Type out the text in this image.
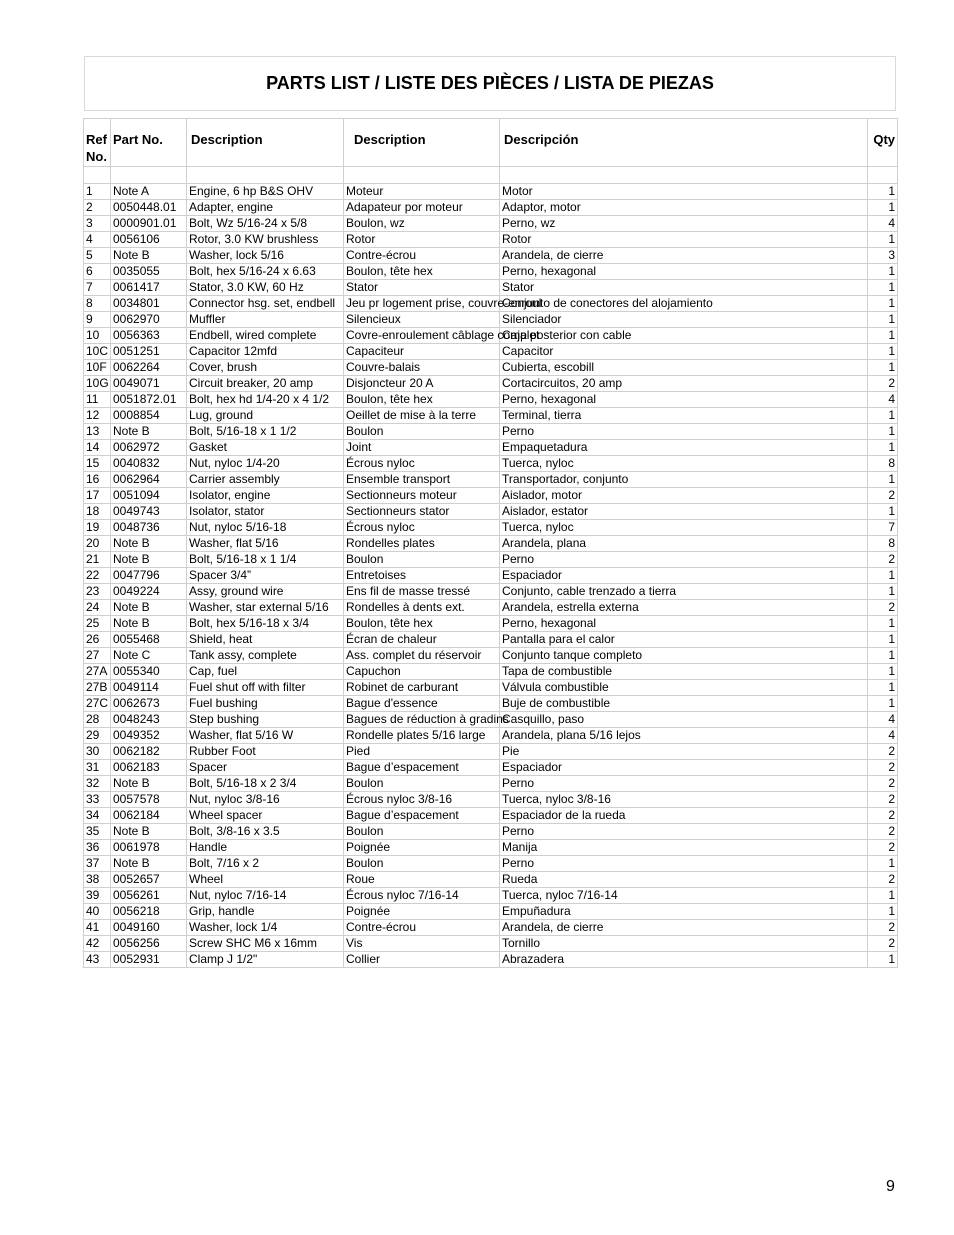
PARTS LIST / LISTE DES PIÈCES / LISTA DE PIEZAS
Ref No.	Part No.	Description	Description	Descripción	Qty

1	Note A	Engine, 6 hp B&S OHV	Moteur	Motor	1
2	0050448.01	Adapter, engine	Adapateur por moteur	Adaptor, motor	1
3	0000901.01	Bolt, Wz 5/16-24 x 5/8	Boulon, wz	Perno, wz	4
4	0056106	Rotor, 3.0 KW brushless	Rotor	Rotor	1
5	Note B	Washer, lock 5/16	Contre-écrou	Arandela, de cierre	3
6	0035055	Bolt, hex 5/16-24 x 6.63	Boulon, tête hex	Perno, hexagonal	1
7	0061417	Stator, 3.0 KW, 60 Hz	Stator	Stator	1
8	0034801	Connector hsg. set, endbell	Jeu pr logement prise, couvre-enroul	Conjunto de conectores del alojamiento	1
9	0062970	Muffler	Silencieux	Silenciador	1
10	0056363	Endbell, wired complete	Covre-enroulement câblage complet	Caja posterior con cable	1
10C	0051251	Capacitor 12mfd	Capaciteur	Capacitor	1
10F	0062264	Cover, brush	Couvre-balais	Cubierta, escobill	1
10G	0049071	Circuit breaker, 20 amp	Disjoncteur 20 A	Cortacircuitos, 20 amp	2
11	0051872.01	Bolt, hex hd 1/4-20 x 4 1/2	Boulon, tête hex	Perno, hexagonal	4
12	0008854	Lug, ground	Oeillet de mise à la terre	Terminal, tierra	1
13	Note B	Bolt, 5/16-18 x 1 1/2	Boulon	Perno	1
14	0062972	Gasket	Joint	Empaquetadura	1
15	0040832	Nut, nyloc 1/4-20	Écrous nyloc	Tuerca, nyloc	8
16	0062964	Carrier assembly	Ensemble transport	Transportador, conjunto	1
17	0051094	Isolator, engine	Sectionneurs moteur	Aislador, motor	2
18	0049743	Isolator, stator	Sectionneurs stator	Aislador, estator	1
19	0048736	Nut, nyloc 5/16-18	Écrous nyloc	Tuerca, nyloc	7
20	Note B	Washer, flat 5/16	Rondelles plates	Arandela, plana	8
21	Note B	Bolt, 5/16-18 x 1 1/4	Boulon	Perno	2
22	0047796	Spacer 3/4”	Entretoises	Espaciador	1
23	0049224	Assy, ground wire	Ens fil de masse tressé	Conjunto, cable trenzado a tierra	1
24	Note B	Washer, star external 5/16	Rondelles à dents ext.	Arandela, estrella externa	2
25	Note B	Bolt, hex 5/16-18 x 3/4	Boulon, tête hex	Perno, hexagonal	1
26	0055468	Shield, heat	Écran de chaleur	Pantalla para el calor	1
27	Note C	Tank assy, complete	Ass. complet du réservoir	Conjunto tanque completo	1
27A	0055340	Cap, fuel	Capuchon	Tapa de combustible	1
27B	0049114	Fuel shut off with filter	Robinet de carburant	Válvula combustible	1
27C	0062673	Fuel bushing	Bague d'essence	Buje de combustible	1
28	0048243	Step bushing	Bagues de réduction à gradins	Casquillo, paso	4
29	0049352	Washer, flat 5/16 W	Rondelle plates 5/16 large	Arandela, plana 5/16 lejos	4
30	0062182	Rubber Foot	Pied	Pie	2
31	0062183	Spacer	Bague d’espacement	Espaciador	2
32	Note B	Bolt, 5/16-18 x 2 3/4	Boulon	Perno	2
33	0057578	Nut, nyloc 3/8-16	Écrous nyloc 3/8-16	Tuerca, nyloc 3/8-16	2
34	0062184	Wheel spacer	Bague d’espacement	Espaciador de la rueda	2
35	Note B	Bolt, 3/8-16 x 3.5	Boulon	Perno	2
36	0061978	Handle	Poignée	Manija	2
37	Note B	Bolt, 7/16 x 2	Boulon	Perno	1
38	0052657	Wheel	Roue	Rueda	2
39	0056261	Nut, nyloc 7/16-14	Écrous nyloc 7/16-14	Tuerca, nyloc 7/16-14	1
40	0056218	Grip, handle	Poignée	Empuñadura	1
41	0049160	Washer, lock 1/4	Contre-écrou	Arandela, de cierre	2
42	0056256	Screw SHC M6 x 16mm	Vis	Tornillo	2
43	0052931	Clamp J 1/2"	Collier	Abrazadera	1
9
